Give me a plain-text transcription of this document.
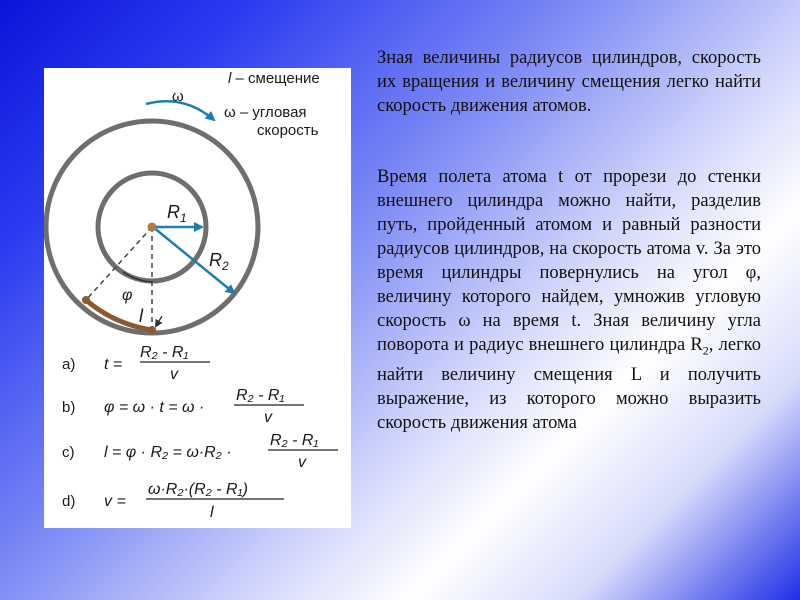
$R_1$
$R_2$
φ
l
l – смещение
ω
ω – угловая
скорость
a) t =
R₂ - R₁
v
b) φ = ω · t = ω ·
R₂ - R₁
v
c) l = φ · R₂ = ω·R₂ ·
R₂ - R₁
v
d) v =
ω·R₂·(R₂ - R₁)
l

Зная величины радиусов цилиндров, скорость их вращения и величину смещения легко найти скорость движения атомов.

Время полета атома t от прорези до стенки внешнего цилиндра можно найти, разделив путь, пройденный атомом и равный разности радиусов цилиндров, на скорость атома v. За это время цилиндры повернулись на угол φ, величину которого найдем, умножив угловую скорость ω на время t. Зная величину угла поворота и радиус внешнего цилиндра $R_2$, легко найти величину смещения L и получить выражение, из которого можно выразить скорость движения атома
